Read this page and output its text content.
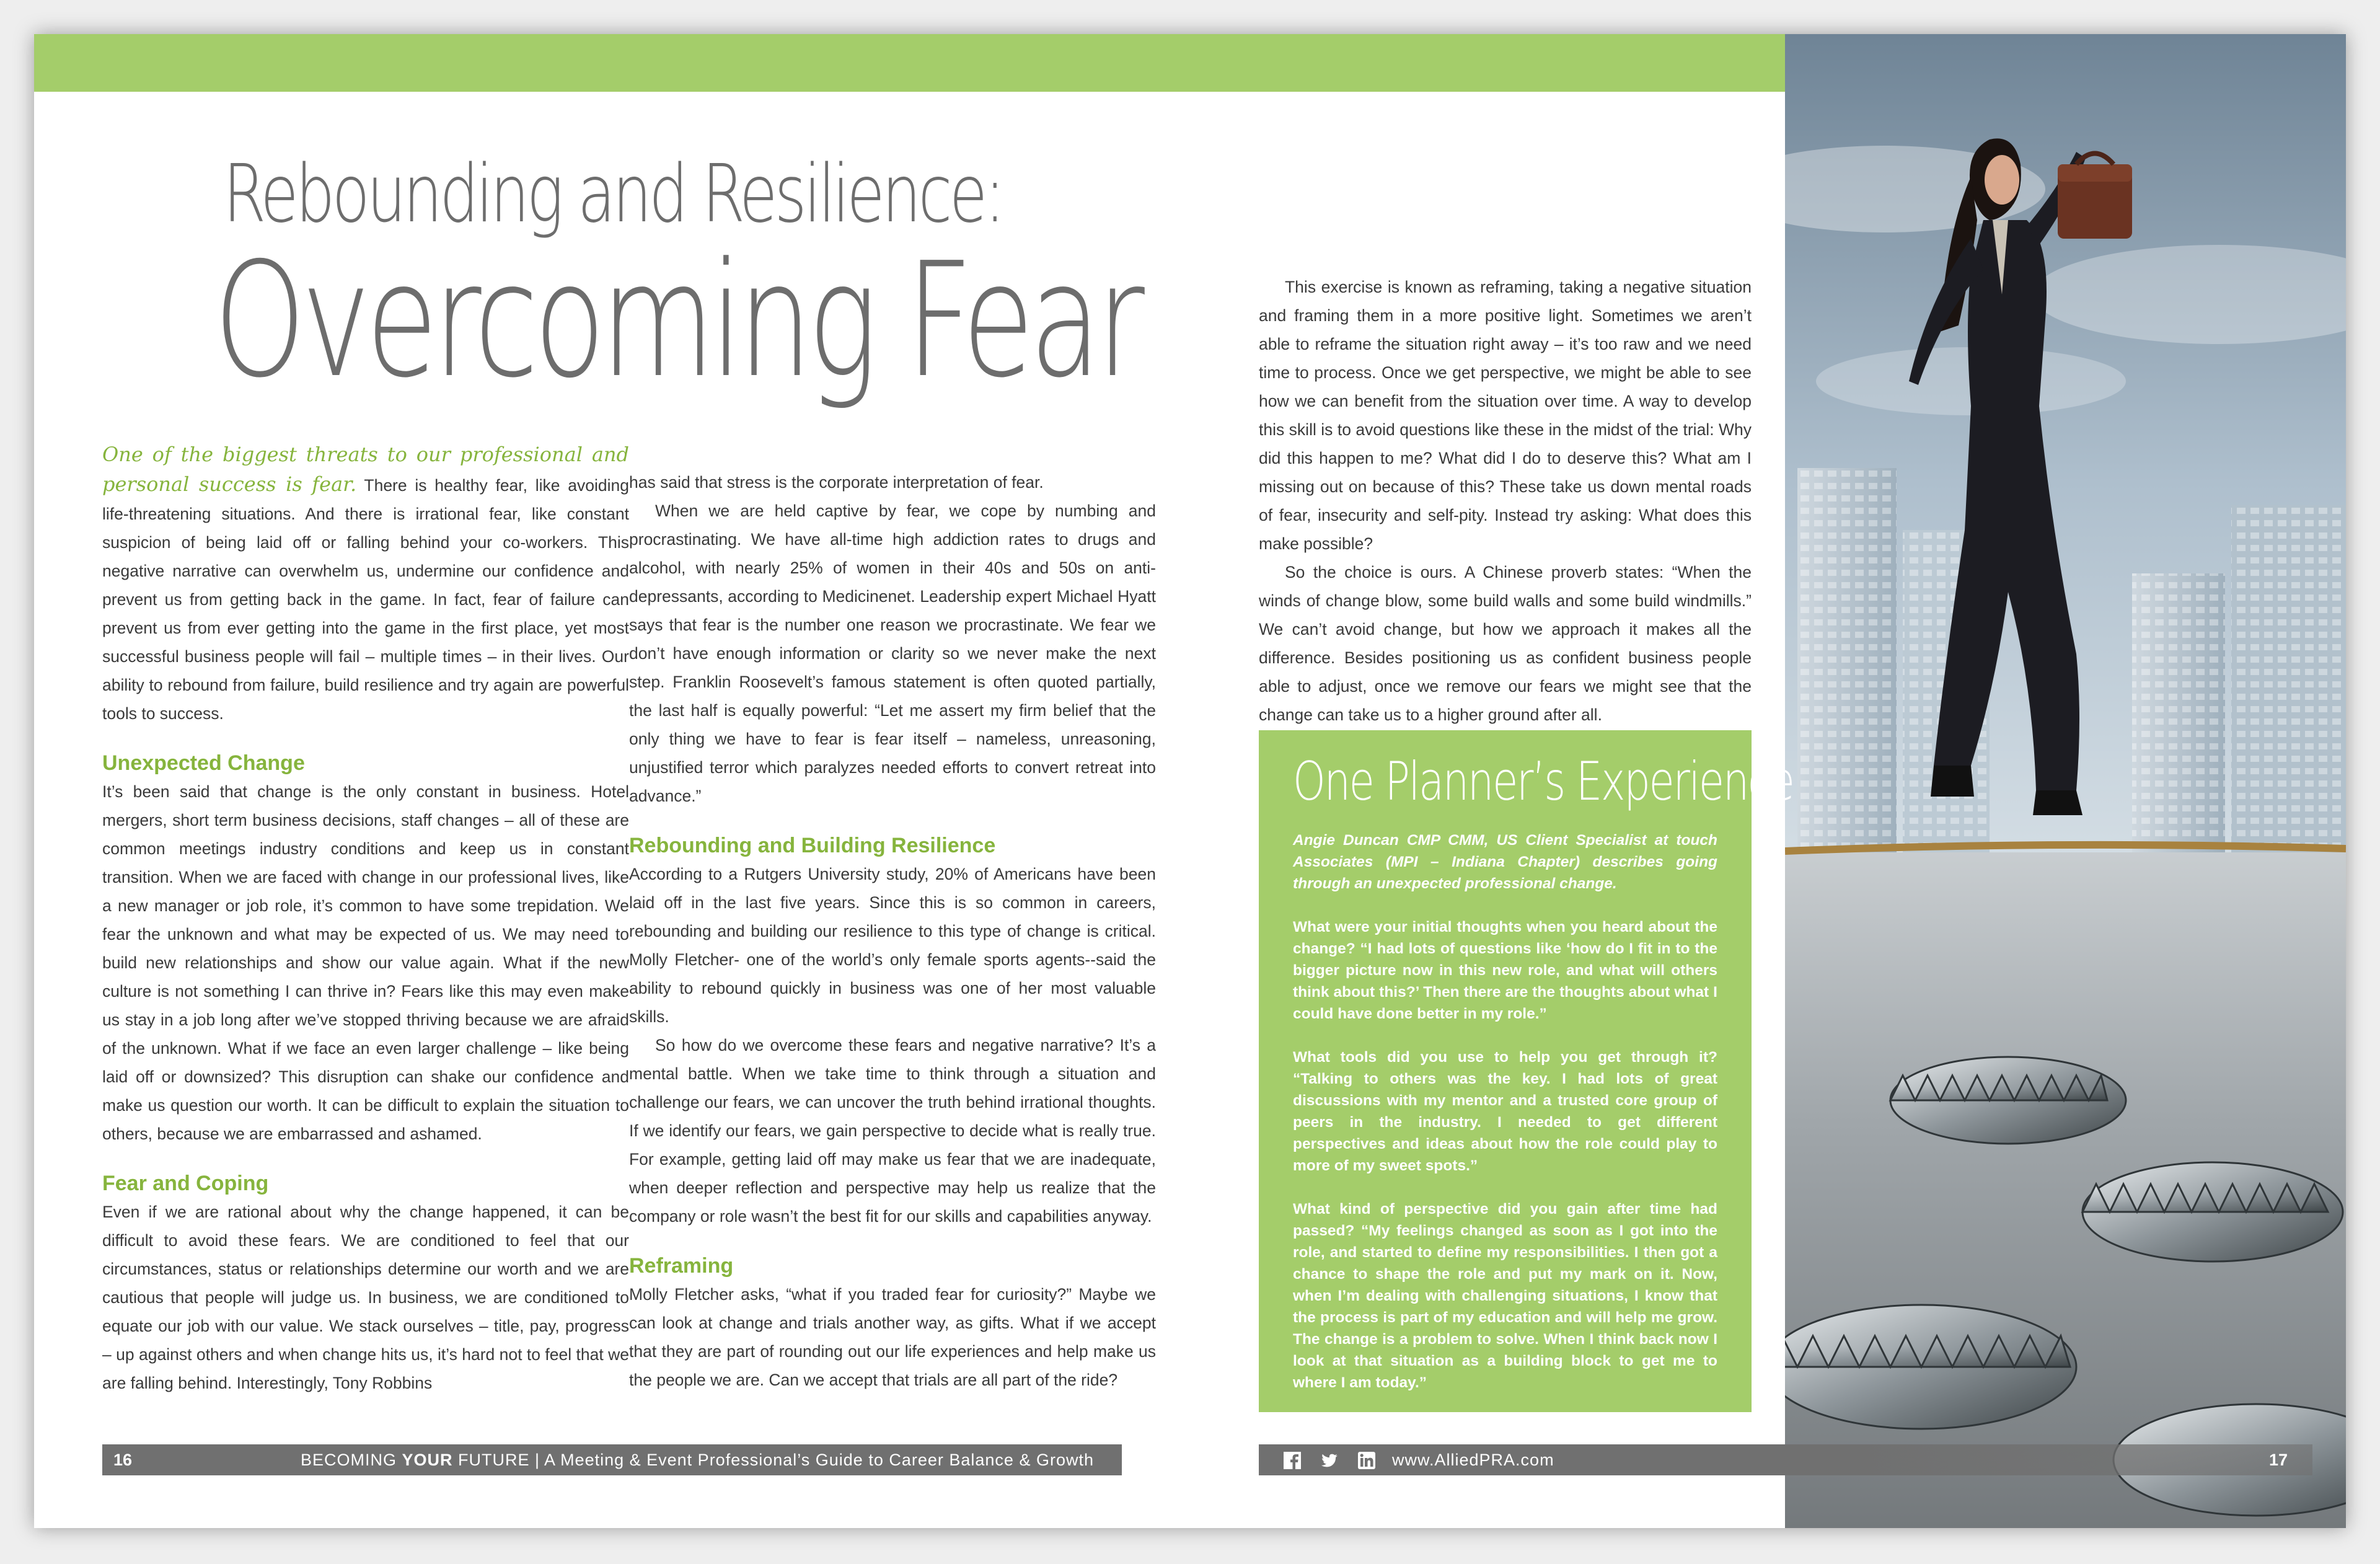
Rebounding and Resilience:
Overcoming Fear

One of the biggest threats to our professional and personal success is fear. There is healthy fear, like avoiding life-threatening situations. And there is irrational fear, like constant suspicion of being laid off or falling behind your co-workers. This negative narrative can overwhelm us, undermine our confidence and prevent us from getting back in the game. In fact, fear of failure can prevent us from ever getting into the game in the first place, yet most successful business people will fail – multiple times – in their lives. Our ability to rebound from failure, build resilience and try again are powerful tools to success.

Unexpected Change

It’s been said that change is the only constant in business. Hotel mergers, short term business decisions, staff changes – all of these are common meetings industry conditions and keep us in constant transition. When we are faced with change in our professional lives, like a new manager or job role, it’s common to have some trepidation. We fear the unknown and what may be expected of us. We may need to build new relationships and show our value again. What if the new culture is not something I can thrive in? Fears like this may even make us stay in a job long after we’ve stopped thriving because we are afraid of the unknown. What if we face an even larger challenge – like being laid off or downsized? This disruption can shake our confidence and make us question our worth. It can be difficult to explain the situation to others, because we are embarrassed and ashamed.

Fear and Coping

Even if we are rational about why the change happened, it can be difficult to avoid these fears. We are conditioned to feel that our circumstances, status or relationships determine our worth and we are cautious that people will judge us. In business, we are conditioned to equate our job with our value. We stack ourselves – title, pay, progress – up against others and when change hits us, it’s hard not to feel that we are falling behind. Interestingly, Tony Robbins

has said that stress is the corporate interpretation of fear.

When we are held captive by fear, we cope by numbing and procrastinating. We have all-time high addiction rates to drugs and alcohol, with nearly 25% of women in their 40s and 50s on anti-depressants, according to Medicinenet. Leadership expert Michael Hyatt says that fear is the number one reason we procrastinate. We fear we don’t have enough information or clarity so we never make the next step. Franklin Roosevelt’s famous statement is often quoted partially, the last half is equally powerful: “Let me assert my firm belief that the only thing we have to fear is fear itself – nameless, unreasoning, unjustified terror which paralyzes needed efforts to convert retreat into advance.”

Rebounding and Building Resilience

According to a Rutgers University study, 20% of Americans have been laid off in the last five years. Since this is so common in careers, rebounding and building our resilience to this type of change is critical. Molly Fletcher- one of the world’s only female sports agents--said the ability to rebound quickly in business was one of her most valuable skills.

So how do we overcome these fears and negative narrative? It’s a mental battle. When we take time to think through a situation and challenge our fears, we can uncover the truth behind irrational thoughts. If we identify our fears, we gain perspective to decide what is really true. For example, getting laid off may make us fear that we are inadequate, when deeper reflection and perspective may help us realize that the company or role wasn’t the best fit for our skills and capabilities anyway.

Reframing

Molly Fletcher asks, “what if you traded fear for curiosity?” Maybe we can look at change and trials another way, as gifts. What if we accept that they are part of rounding out our life experiences and help make us the people we are. Can we accept that trials are all part of the ride?

This exercise is known as reframing, taking a negative situation and framing them in a more positive light. Sometimes we aren’t able to reframe the situation right away – it’s too raw and we need time to process. Once we get perspective, we might be able to see how we can benefit from the situation over time. A way to develop this skill is to avoid questions like these in the midst of the trial: Why did this happen to me? What did I do to deserve this? What am I missing out on because of this? These take us down mental roads of fear, insecurity and self-pity. Instead try asking: What does this make possible?

So the choice is ours. A Chinese proverb states: “When the winds of change blow, some build walls and some build windmills.” We can’t avoid change, but how we approach it makes all the difference. Besides positioning us as confident business people able to adjust, once we remove our fears we might see that the change can take us to a higher ground after all.

One Planner’s Experience

Angie Duncan CMP CMM, US Client Specialist at touch Associates (MPI – Indiana Chapter) describes going through an unexpected professional change.

What were your initial thoughts when you heard about the change? “I had lots of questions like ‘how do I fit in to the bigger picture now in this new role, and what will others think about this?’ Then there are the thoughts about what I could have done better in my role.”

What tools did you use to help you get through it? “Talking to others was the key. I had lots of great discussions with my mentor and a trusted core group of peers in the industry. I needed to get different perspectives and ideas about how the role could play to more of my sweet spots.”

What kind of perspective did you gain after time had passed? “My feelings changed as soon as I got into the role, and started to define my responsibilities. I then got a chance to shape the role and put my mark on it. Now, when I’m dealing with challenging situations, I know that the process is part of my education and will help me grow. The change is a problem to solve. When I think back now I look at that situation as a building block to get me to where I am today.”

16	BECOMING YOUR FUTURE | A Meeting & Event Professional’s Guide to Career Balance & Growth	www.AlliedPRA.com	17
